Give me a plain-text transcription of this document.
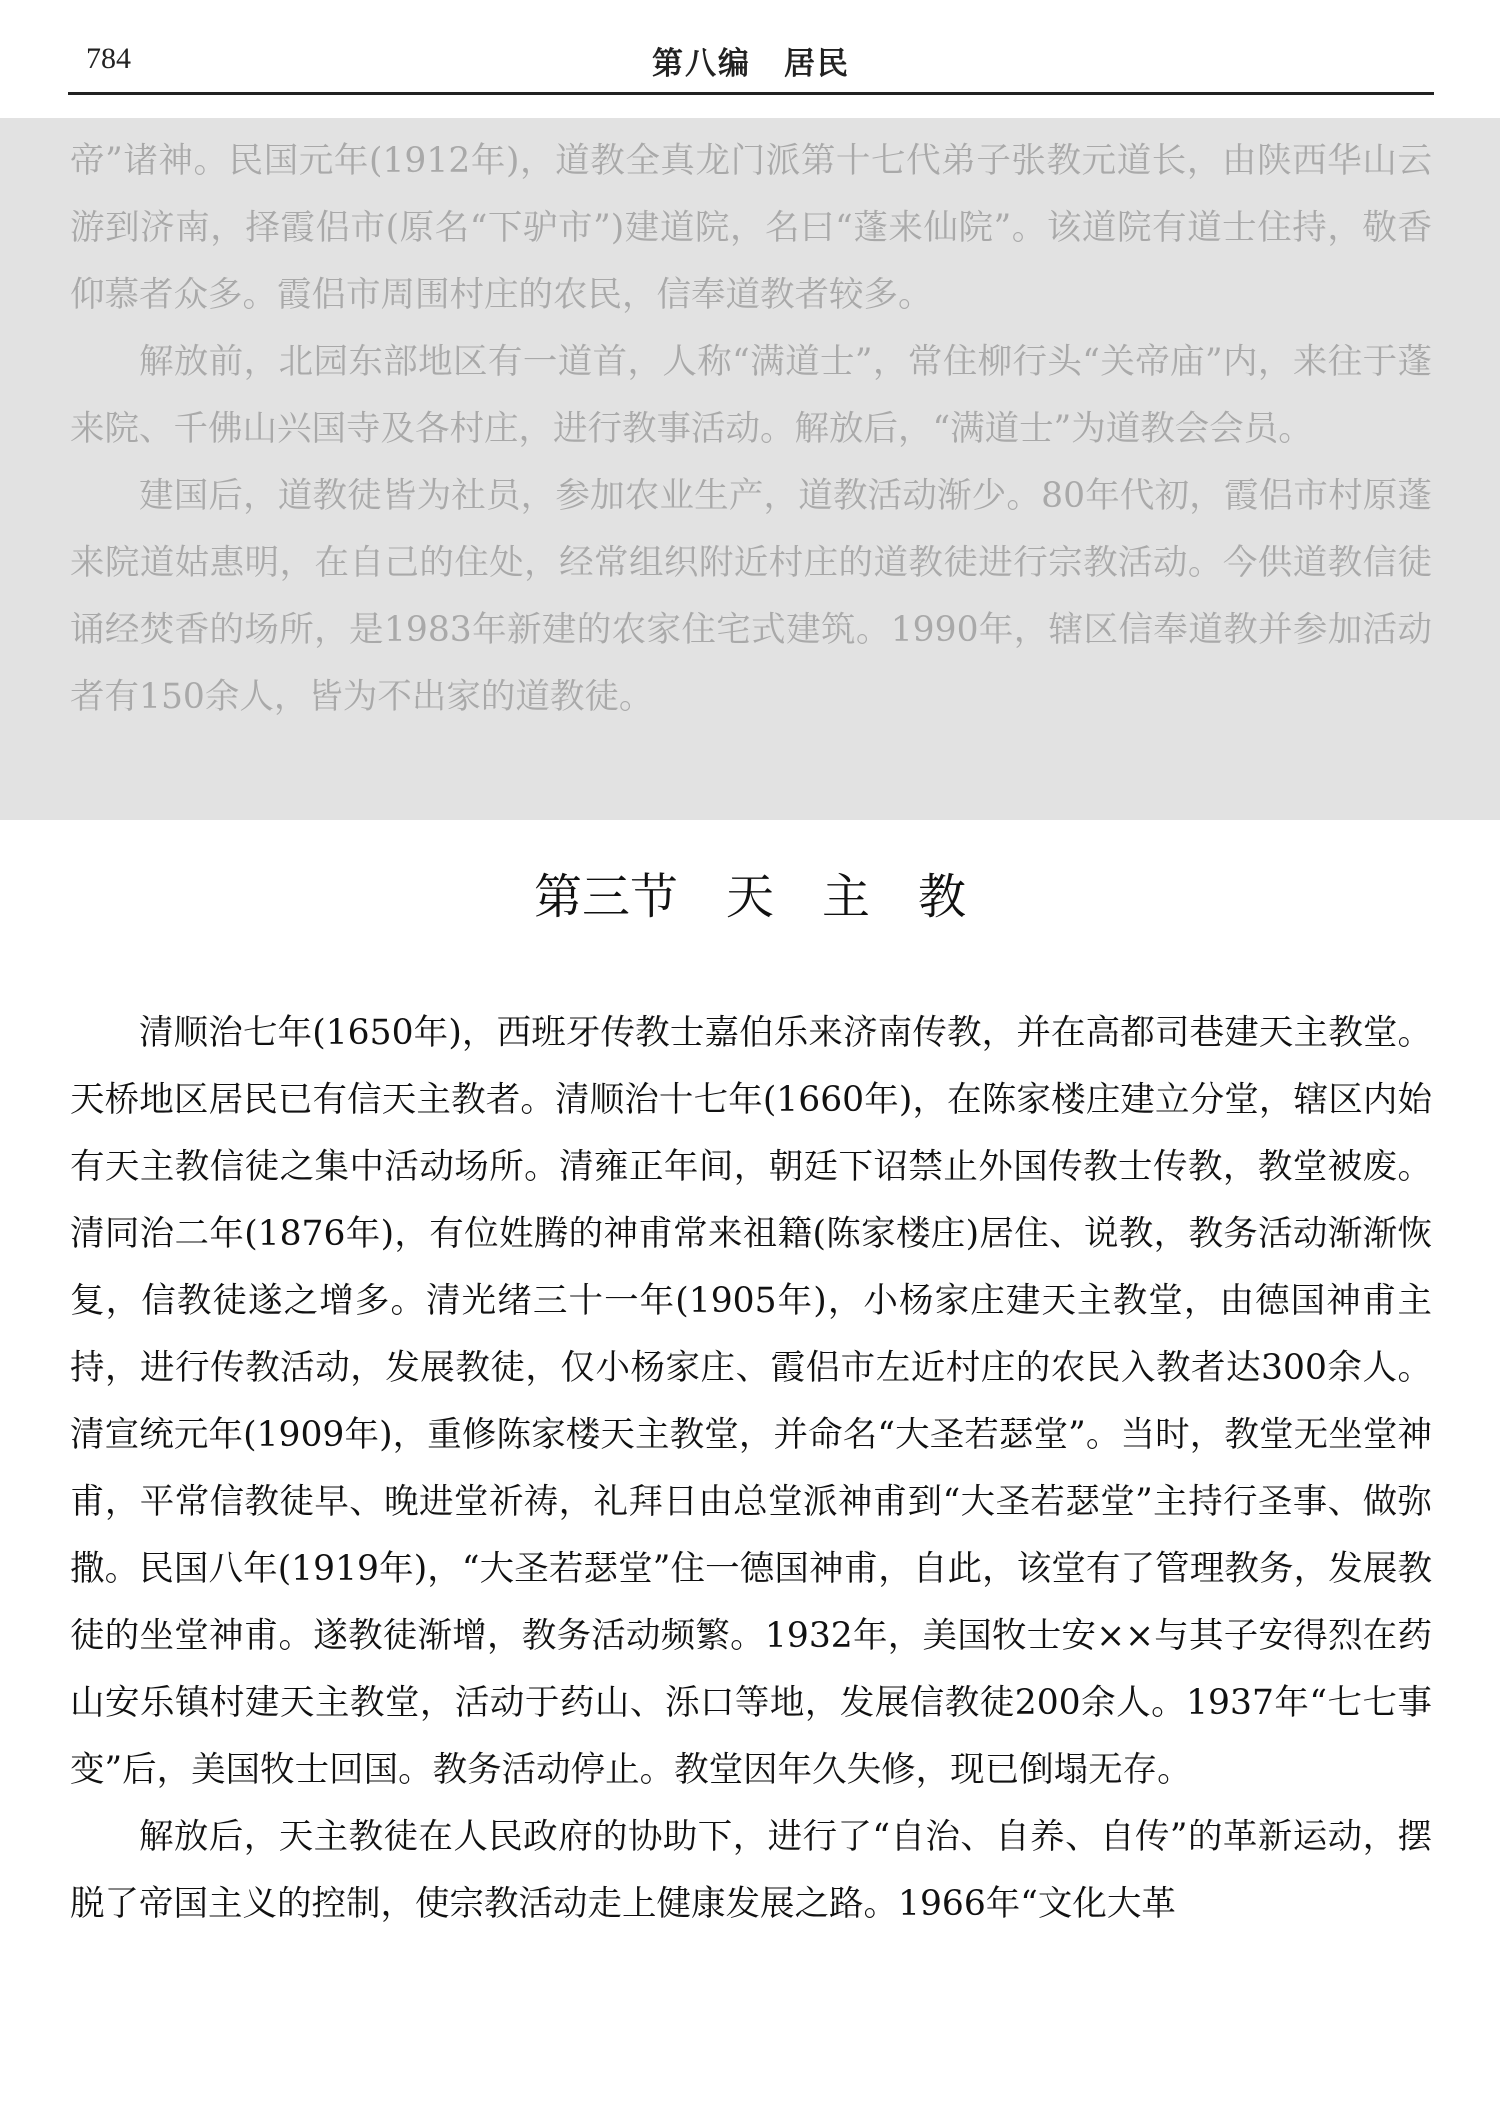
784	第八编　居民

帝”诸神。民国元年(1912年)，道教全真龙门派第十七代弟子张教元道长，由陕西华山云游到济南，择霞侣市(原名“下驴市”)建道院，名曰“蓬来仙院”。该道院有道士住持，敬香仰慕者众多。霞侣市周围村庄的农民，信奉道教者较多。

解放前，北园东部地区有一道首，人称“满道士”，常住柳行头“关帝庙”内，来往于蓬来院、千佛山兴国寺及各村庄，进行教事活动。解放后，“满道士”为道教会会员。

建国后，道教徒皆为社员，参加农业生产，道教活动渐少。80年代初，霞侣市村原蓬来院道姑惠明，在自己的住处，经常组织附近村庄的道教徒进行宗教活动。今供道教信徒诵经焚香的场所，是1983年新建的农家住宅式建筑。1990年，辖区信奉道教并参加活动者有150余人，皆为不出家的道教徒。

第三节　天　主　教

清顺治七年(1650年)，西班牙传教士嘉伯乐来济南传教，并在高都司巷建天主教堂。天桥地区居民已有信天主教者。清顺治十七年(1660年)，在陈家楼庄建立分堂，辖区内始有天主教信徒之集中活动场所。清雍正年间，朝廷下诏禁止外国传教士传教，教堂被废。清同治二年(1876年)，有位姓腾的神甫常来祖籍(陈家楼庄)居住、说教，教务活动渐渐恢复，信教徒遂之增多。清光绪三十一年(1905年)，小杨家庄建天主教堂，由德国神甫主持，进行传教活动，发展教徒，仅小杨家庄、霞侣市左近村庄的农民入教者达300余人。清宣统元年(1909年)，重修陈家楼天主教堂，并命名“大圣若瑟堂”。当时，教堂无坐堂神甫，平常信教徒早、晚进堂祈祷，礼拜日由总堂派神甫到“大圣若瑟堂”主持行圣事、做弥撒。民国八年(1919年)，“大圣若瑟堂”住一德国神甫，自此，该堂有了管理教务，发展教徒的坐堂神甫。遂教徒渐增，教务活动频繁。1932年，美国牧士安××与其子安得烈在药山安乐镇村建天主教堂，活动于药山、泺口等地，发展信教徒200余人。1937年“七七事变”后，美国牧士回国。教务活动停止。教堂因年久失修，现已倒塌无存。

解放后，天主教徒在人民政府的协助下，进行了“自治、自养、自传”的革新运动，摆脱了帝国主义的控制，使宗教活动走上健康发展之路。1966年“文化大革
